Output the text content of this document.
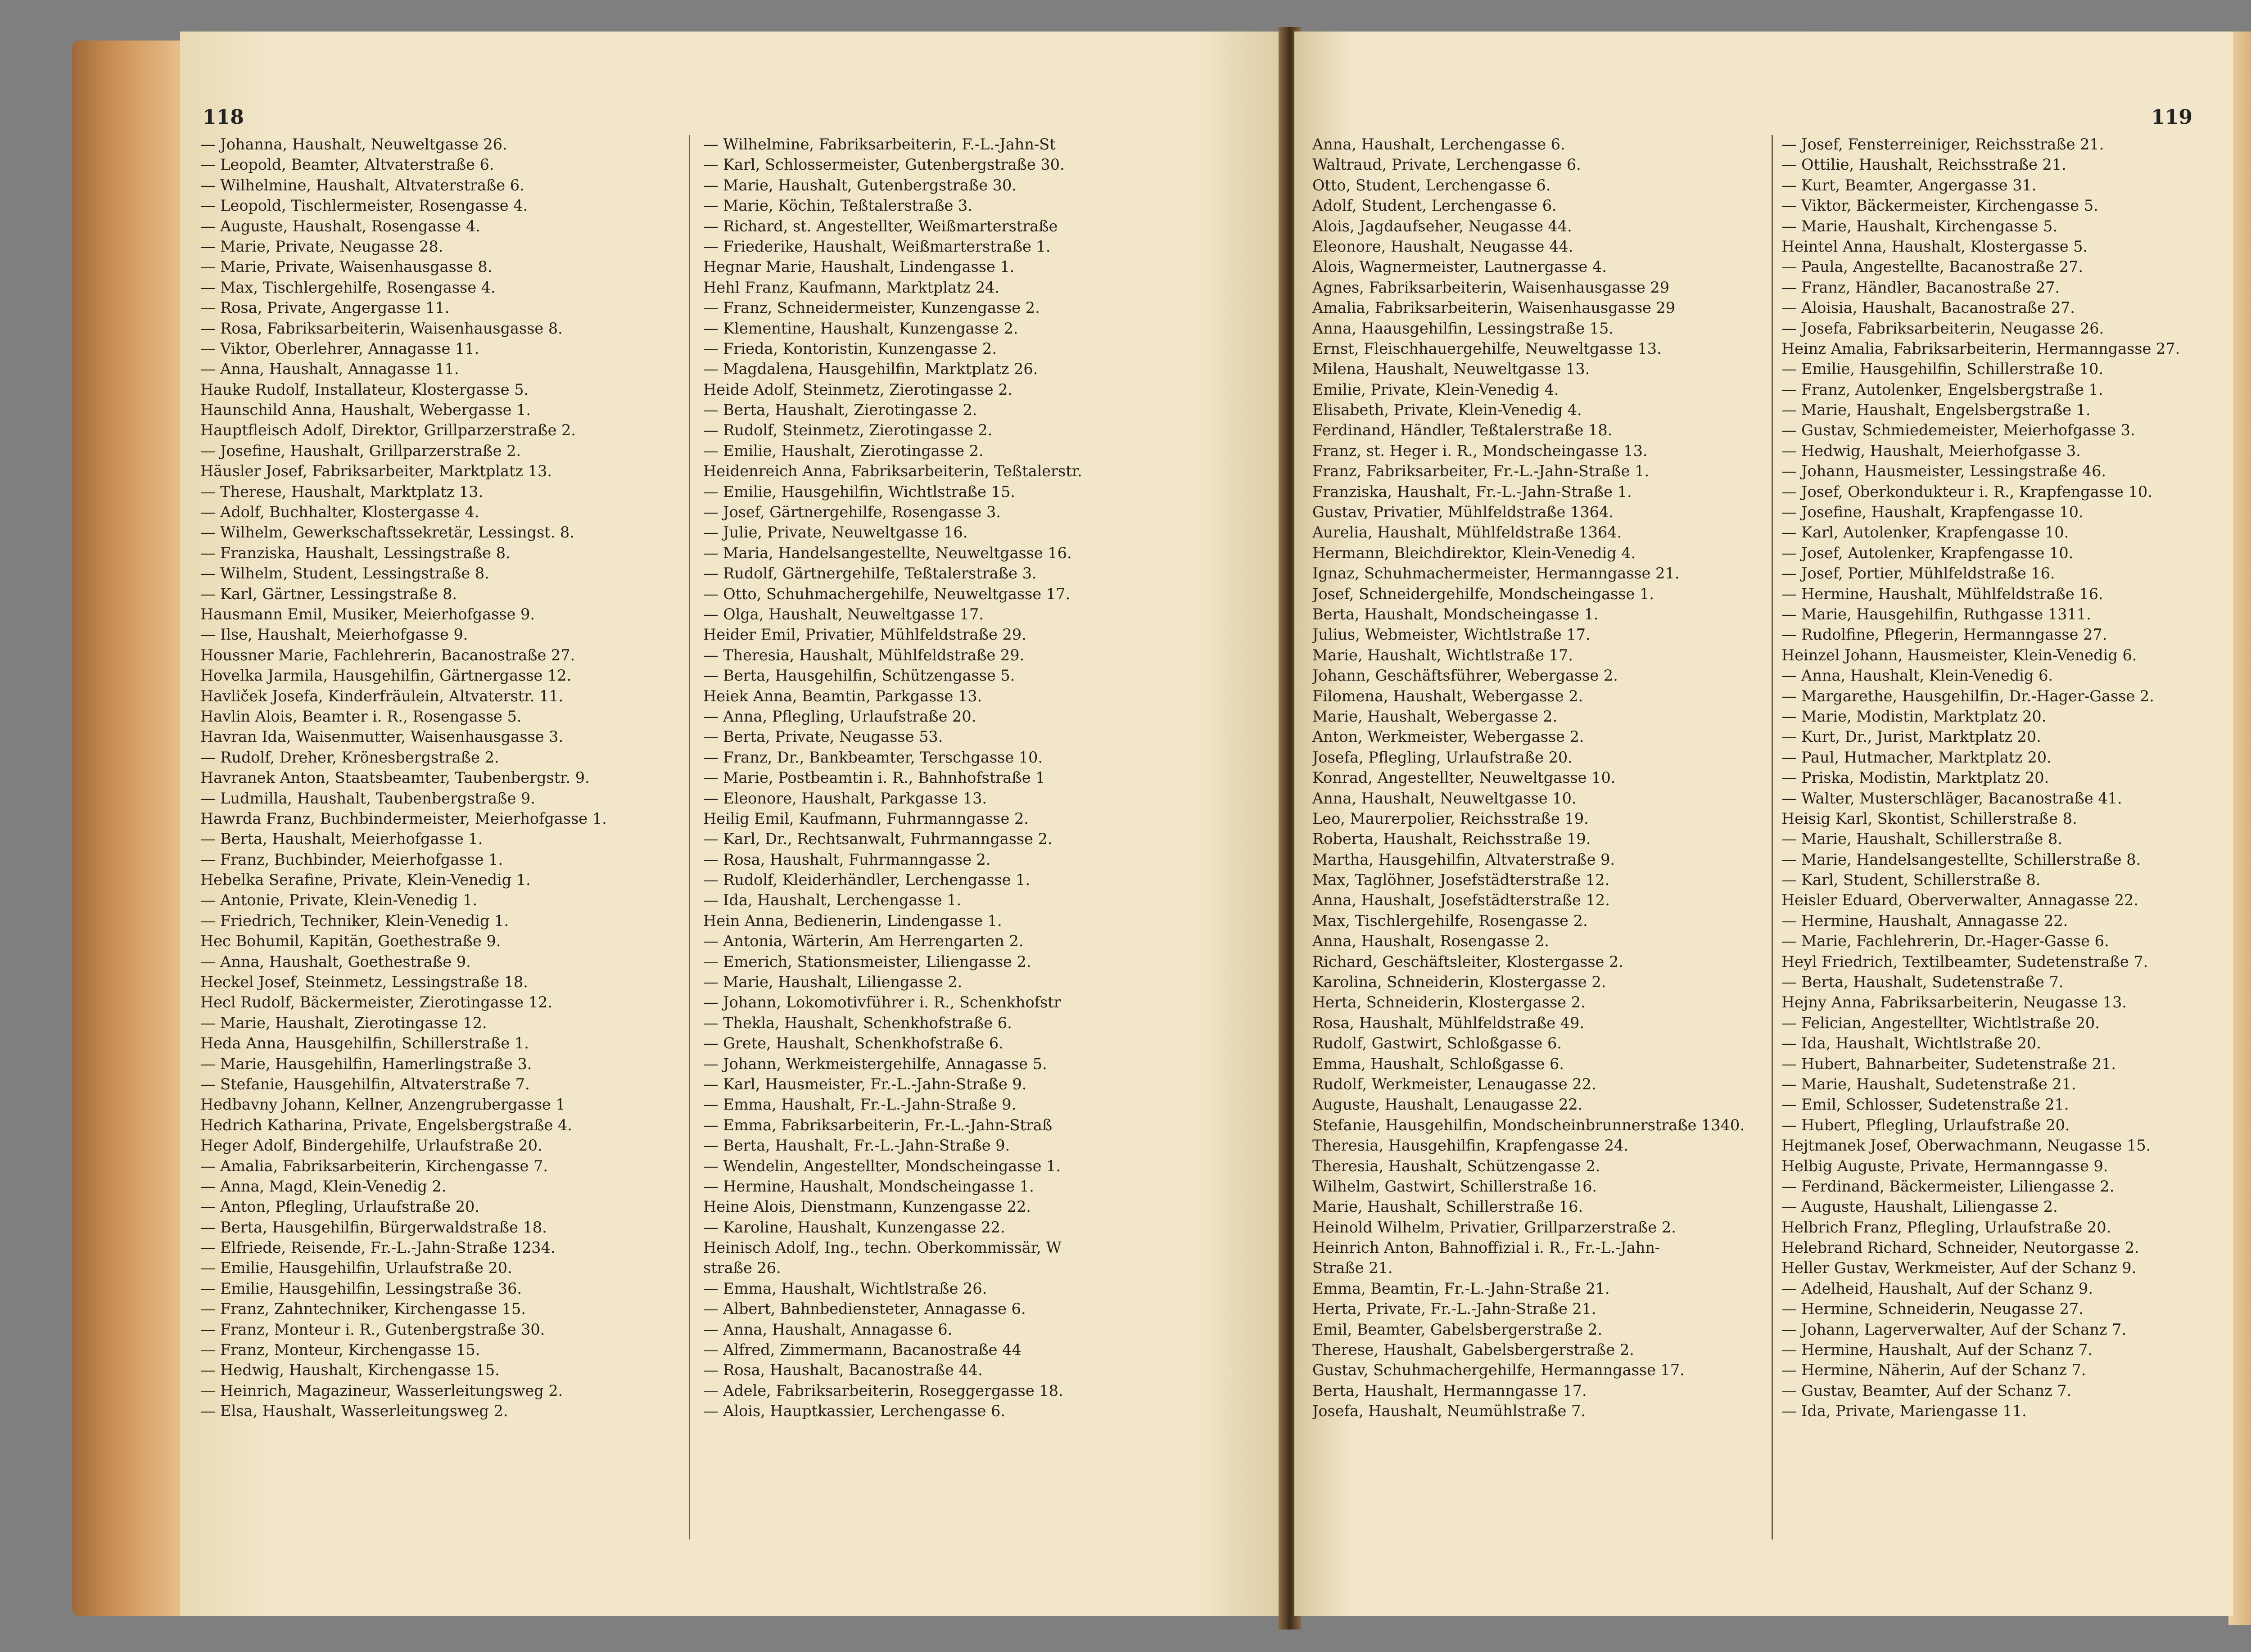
118
— Johanna, Haushalt, Neuweltgasse 26.
— Leopold, Beamter, Altvaterstraße 6.
— Wilhelmine, Haushalt, Altvaterstraße 6.
— Leopold, Tischlermeister, Rosengasse 4.
— Auguste, Haushalt, Rosengasse 4.
— Marie, Private, Neugasse 28.
— Marie, Private, Waisenhausgasse 8.
— Max, Tischlergehilfe, Rosengasse 4.
— Rosa, Private, Angergasse 11.
— Rosa, Fabriksarbeiterin, Waisenhausgasse 8.
— Viktor, Oberlehrer, Annagasse 11.
— Anna, Haushalt, Annagasse 11.
Hauke Rudolf, Installateur, Klostergasse 5.
Haunschild Anna, Haushalt, Webergasse 1.
Hauptfleisch Adolf, Direktor, Grillparzerstraße 2.
— Josefine, Haushalt, Grillparzerstraße 2.
Häusler Josef, Fabriksarbeiter, Marktplatz 13.
— Therese, Haushalt, Marktplatz 13.
— Adolf, Buchhalter, Klostergasse 4.
— Wilhelm, Gewerkschaftssekretär, Lessingst. 8.
— Franziska, Haushalt, Lessingstraße 8.
— Wilhelm, Student, Lessingstraße 8.
— Karl, Gärtner, Lessingstraße 8.
Hausmann Emil, Musiker, Meierhofgasse 9.
— Ilse, Haushalt, Meierhofgasse 9.
Houssner Marie, Fachlehrerin, Bacanostraße 27.
Hovelka Jarmila, Hausgehilfin, Gärtnergasse 12.
Havliček Josefa, Kinderfräulein, Altvaterstr. 11.
Havlin Alois, Beamter i. R., Rosengasse 5.
Havran Ida, Waisenmutter, Waisenhausgasse 3.
— Rudolf, Dreher, Krönesbergstraße 2.
Havranek Anton, Staatsbeamter, Taubenbergstr. 9.
— Ludmilla, Haushalt, Taubenbergstraße 9.
Hawrda Franz, Buchbindermeister, Meierhofgasse 1.
— Berta, Haushalt, Meierhofgasse 1.
— Franz, Buchbinder, Meierhofgasse 1.
Hebelka Serafine, Private, Klein-Venedig 1.
— Antonie, Private, Klein-Venedig 1.
— Friedrich, Techniker, Klein-Venedig 1.
Hec Bohumil, Kapitän, Goethestraße 9.
— Anna, Haushalt, Goethestraße 9.
Heckel Josef, Steinmetz, Lessingstraße 18.
Hecl Rudolf, Bäckermeister, Zierotingasse 12.
— Marie, Haushalt, Zierotingasse 12.
Heda Anna, Hausgehilfin, Schillerstraße 1.
— Marie, Hausgehilfin, Hamerlingstraße 3.
— Stefanie, Hausgehilfin, Altvaterstraße 7.
Hedbavny Johann, Kellner, Anzengrubergasse 1
Hedrich Katharina, Private, Engelsbergstraße 4.
Heger Adolf, Bindergehilfe, Urlaufstraße 20.
— Amalia, Fabriksarbeiterin, Kirchengasse 7.
— Anna, Magd, Klein-Venedig 2.
— Anton, Pflegling, Urlaufstraße 20.
— Berta, Hausgehilfin, Bürgerwaldstraße 18.
— Elfriede, Reisende, Fr.-L.-Jahn-Straße 1234.
— Emilie, Hausgehilfin, Urlaufstraße 20.
— Emilie, Hausgehilfin, Lessingstraße 36.
— Franz, Zahntechniker, Kirchengasse 15.
— Franz, Monteur i. R., Gutenbergstraße 30.
— Franz, Monteur, Kirchengasse 15.
— Hedwig, Haushalt, Kirchengasse 15.
— Heinrich, Magazineur, Wasserleitungsweg 2.
— Elsa, Haushalt, Wasserleitungsweg 2.
— Wilhelmine, Fabriksarbeiterin, F.-L.-Jahn-St
— Karl, Schlossermeister, Gutenbergstraße 30.
— Marie, Haushalt, Gutenbergstraße 30.
— Marie, Köchin, Teßtalerstraße 3.
— Richard, st. Angestellter, Weißmarterstraße
— Friederike, Haushalt, Weißmarterstraße 1.
Hegnar Marie, Haushalt, Lindengasse 1.
Hehl Franz, Kaufmann, Marktplatz 24.
— Franz, Schneidermeister, Kunzengasse 2.
— Klementine, Haushalt, Kunzengasse 2.
— Frieda, Kontoristin, Kunzengasse 2.
— Magdalena, Hausgehilfin, Marktplatz 26.
Heide Adolf, Steinmetz, Zierotingasse 2.
— Berta, Haushalt, Zierotingasse 2.
— Rudolf, Steinmetz, Zierotingasse 2.
— Emilie, Haushalt, Zierotingasse 2.
Heidenreich Anna, Fabriksarbeiterin, Teßtalerstr.
— Emilie, Hausgehilfin, Wichtlstraße 15.
— Josef, Gärtnergehilfe, Rosengasse 3.
— Julie, Private, Neuweltgasse 16.
— Maria, Handelsangestellte, Neuweltgasse 16.
— Rudolf, Gärtnergehilfe, Teßtalerstraße 3.
— Otto, Schuhmachergehilfe, Neuweltgasse 17.
— Olga, Haushalt, Neuweltgasse 17.
Heider Emil, Privatier, Mühlfeldstraße 29.
— Theresia, Haushalt, Mühlfeldstraße 29.
— Berta, Hausgehilfin, Schützengasse 5.
Heiek Anna, Beamtin, Parkgasse 13.
— Anna, Pflegling, Urlaufstraße 20.
— Berta, Private, Neugasse 53.
— Franz, Dr., Bankbeamter, Terschgasse 10.
— Marie, Postbeamtin i. R., Bahnhofstraße 1
— Eleonore, Haushalt, Parkgasse 13.
Heilig Emil, Kaufmann, Fuhrmanngasse 2.
— Karl, Dr., Rechtsanwalt, Fuhrmanngasse 2.
— Rosa, Haushalt, Fuhrmanngasse 2.
— Rudolf, Kleiderhändler, Lerchengasse 1.
— Ida, Haushalt, Lerchengasse 1.
Hein Anna, Bedienerin, Lindengasse 1.
— Antonia, Wärterin, Am Herrengarten 2.
— Emerich, Stationsmeister, Liliengasse 2.
— Marie, Haushalt, Liliengasse 2.
— Johann, Lokomotivführer i. R., Schenkhofstr
— Thekla, Haushalt, Schenkhofstraße 6.
— Grete, Haushalt, Schenkhofstraße 6.
— Johann, Werkmeistergehilfe, Annagasse 5.
— Karl, Hausmeister, Fr.-L.-Jahn-Straße 9.
— Emma, Haushalt, Fr.-L.-Jahn-Straße 9.
— Emma, Fabriksarbeiterin, Fr.-L.-Jahn-Straß
— Berta, Haushalt, Fr.-L.-Jahn-Straße 9.
— Wendelin, Angestellter, Mondscheingasse 1.
— Hermine, Haushalt, Mondscheingasse 1.
Heine Alois, Dienstmann, Kunzengasse 22.
— Karoline, Haushalt, Kunzengasse 22.
Heinisch Adolf, Ing., techn. Oberkommissär, W
straße 26.
— Emma, Haushalt, Wichtlstraße 26.
— Albert, Bahnbediensteter, Annagasse 6.
— Anna, Haushalt, Annagasse 6.
— Alfred, Zimmermann, Bacanostraße 44
— Rosa, Haushalt, Bacanostraße 44.
— Adele, Fabriksarbeiterin, Roseggergasse 18.
— Alois, Hauptkassier, Lerchengasse 6.
119
Anna, Haushalt, Lerchengasse 6.
Waltraud, Private, Lerchengasse 6.
Otto, Student, Lerchengasse 6.
Adolf, Student, Lerchengasse 6.
Alois, Jagdaufseher, Neugasse 44.
Eleonore, Haushalt, Neugasse 44.
Alois, Wagnermeister, Lautnergasse 4.
Agnes, Fabriksarbeiterin, Waisenhausgasse 29
Amalia, Fabriksarbeiterin, Waisenhausgasse 29
Anna, Haausgehilfin, Lessingstraße 15.
Ernst, Fleischhauergehilfe, Neuweltgasse 13.
Milena, Haushalt, Neuweltgasse 13.
Emilie, Private, Klein-Venedig 4.
Elisabeth, Private, Klein-Venedig 4.
Ferdinand, Händler, Teßtalerstraße 18.
Franz, st. Heger i. R., Mondscheingasse 13.
Franz, Fabriksarbeiter, Fr.-L.-Jahn-Straße 1.
Franziska, Haushalt, Fr.-L.-Jahn-Straße 1.
Gustav, Privatier, Mühlfeldstraße 1364.
Aurelia, Haushalt, Mühlfeldstraße 1364.
Hermann, Bleichdirektor, Klein-Venedig 4.
Ignaz, Schuhmachermeister, Hermanngasse 21.
Josef, Schneidergehilfe, Mondscheingasse 1.
Berta, Haushalt, Mondscheingasse 1.
Julius, Webmeister, Wichtlstraße 17.
Marie, Haushalt, Wichtlstraße 17.
Johann, Geschäftsführer, Webergasse 2.
Filomena, Haushalt, Webergasse 2.
Marie, Haushalt, Webergasse 2.
Anton, Werkmeister, Webergasse 2.
Josefa, Pflegling, Urlaufstraße 20.
Konrad, Angestellter, Neuweltgasse 10.
Anna, Haushalt, Neuweltgasse 10.
Leo, Maurerpolier, Reichsstraße 19.
Roberta, Haushalt, Reichsstraße 19.
Martha, Hausgehilfin, Altvaterstraße 9.
Max, Taglöhner, Josefstädterstraße 12.
Anna, Haushalt, Josefstädterstraße 12.
Max, Tischlergehilfe, Rosengasse 2.
Anna, Haushalt, Rosengasse 2.
Richard, Geschäftsleiter, Klostergasse 2.
Karolina, Schneiderin, Klostergasse 2.
Herta, Schneiderin, Klostergasse 2.
Rosa, Haushalt, Mühlfeldstraße 49.
Rudolf, Gastwirt, Schloßgasse 6.
Emma, Haushalt, Schloßgasse 6.
Rudolf, Werkmeister, Lenaugasse 22.
Auguste, Haushalt, Lenaugasse 22.
Stefanie, Hausgehilfin, Mondscheinbrunnerstraße 1340.
Theresia, Hausgehilfin, Krapfengasse 24.
Theresia, Haushalt, Schützengasse 2.
Wilhelm, Gastwirt, Schillerstraße 16.
Marie, Haushalt, Schillerstraße 16.
Heinold Wilhelm, Privatier, Grillparzerstraße 2.
Heinrich Anton, Bahnoffizial i. R., Fr.-L.-Jahn-
Straße 21.
Emma, Beamtin, Fr.-L.-Jahn-Straße 21.
Herta, Private, Fr.-L.-Jahn-Straße 21.
Emil, Beamter, Gabelsbergerstraße 2.
Therese, Haushalt, Gabelsbergerstraße 2.
Gustav, Schuhmachergehilfe, Hermanngasse 17.
Berta, Haushalt, Hermanngasse 17.
Josefa, Haushalt, Neumühlstraße 7.
— Josef, Fensterreiniger, Reichsstraße 21.
— Ottilie, Haushalt, Reichsstraße 21.
— Kurt, Beamter, Angergasse 31.
— Viktor, Bäckermeister, Kirchengasse 5.
— Marie, Haushalt, Kirchengasse 5.
Heintel Anna, Haushalt, Klostergasse 5.
— Paula, Angestellte, Bacanostraße 27.
— Franz, Händler, Bacanostraße 27.
— Aloisia, Haushalt, Bacanostraße 27.
— Josefa, Fabriksarbeiterin, Neugasse 26.
Heinz Amalia, Fabriksarbeiterin, Hermanngasse 27.
— Emilie, Hausgehilfin, Schillerstraße 10.
— Franz, Autolenker, Engelsbergstraße 1.
— Marie, Haushalt, Engelsbergstraße 1.
— Gustav, Schmiedemeister, Meierhofgasse 3.
— Hedwig, Haushalt, Meierhofgasse 3.
— Johann, Hausmeister, Lessingstraße 46.
— Josef, Oberkondukteur i. R., Krapfengasse 10.
— Josefine, Haushalt, Krapfengasse 10.
— Karl, Autolenker, Krapfengasse 10.
— Josef, Autolenker, Krapfengasse 10.
— Josef, Portier, Mühlfeldstraße 16.
— Hermine, Haushalt, Mühlfeldstraße 16.
— Marie, Hausgehilfin, Ruthgasse 1311.
— Rudolfine, Pflegerin, Hermanngasse 27.
Heinzel Johann, Hausmeister, Klein-Venedig 6.
— Anna, Haushalt, Klein-Venedig 6.
— Margarethe, Hausgehilfin, Dr.-Hager-Gasse 2.
— Marie, Modistin, Marktplatz 20.
— Kurt, Dr., Jurist, Marktplatz 20.
— Paul, Hutmacher, Marktplatz 20.
— Priska, Modistin, Marktplatz 20.
— Walter, Musterschläger, Bacanostraße 41.
Heisig Karl, Skontist, Schillerstraße 8.
— Marie, Haushalt, Schillerstraße 8.
— Marie, Handelsangestellte, Schillerstraße 8.
— Karl, Student, Schillerstraße 8.
Heisler Eduard, Oberverwalter, Annagasse 22.
— Hermine, Haushalt, Annagasse 22.
— Marie, Fachlehrerin, Dr.-Hager-Gasse 6.
Heyl Friedrich, Textilbeamter, Sudetenstraße 7.
— Berta, Haushalt, Sudetenstraße 7.
Hejny Anna, Fabriksarbeiterin, Neugasse 13.
— Felician, Angestellter, Wichtlstraße 20.
— Ida, Haushalt, Wichtlstraße 20.
— Hubert, Bahnarbeiter, Sudetenstraße 21.
— Marie, Haushalt, Sudetenstraße 21.
— Emil, Schlosser, Sudetenstraße 21.
— Hubert, Pflegling, Urlaufstraße 20.
Hejtmanek Josef, Oberwachmann, Neugasse 15.
Helbig Auguste, Private, Hermanngasse 9.
— Ferdinand, Bäckermeister, Liliengasse 2.
— Auguste, Haushalt, Liliengasse 2.
Helbrich Franz, Pflegling, Urlaufstraße 20.
Helebrand Richard, Schneider, Neutorgasse 2.
Heller Gustav, Werkmeister, Auf der Schanz 9.
— Adelheid, Haushalt, Auf der Schanz 9.
— Hermine, Schneiderin, Neugasse 27.
— Johann, Lagerverwalter, Auf der Schanz 7.
— Hermine, Haushalt, Auf der Schanz 7.
— Hermine, Näherin, Auf der Schanz 7.
— Gustav, Beamter, Auf der Schanz 7.
— Ida, Private, Mariengasse 11.
